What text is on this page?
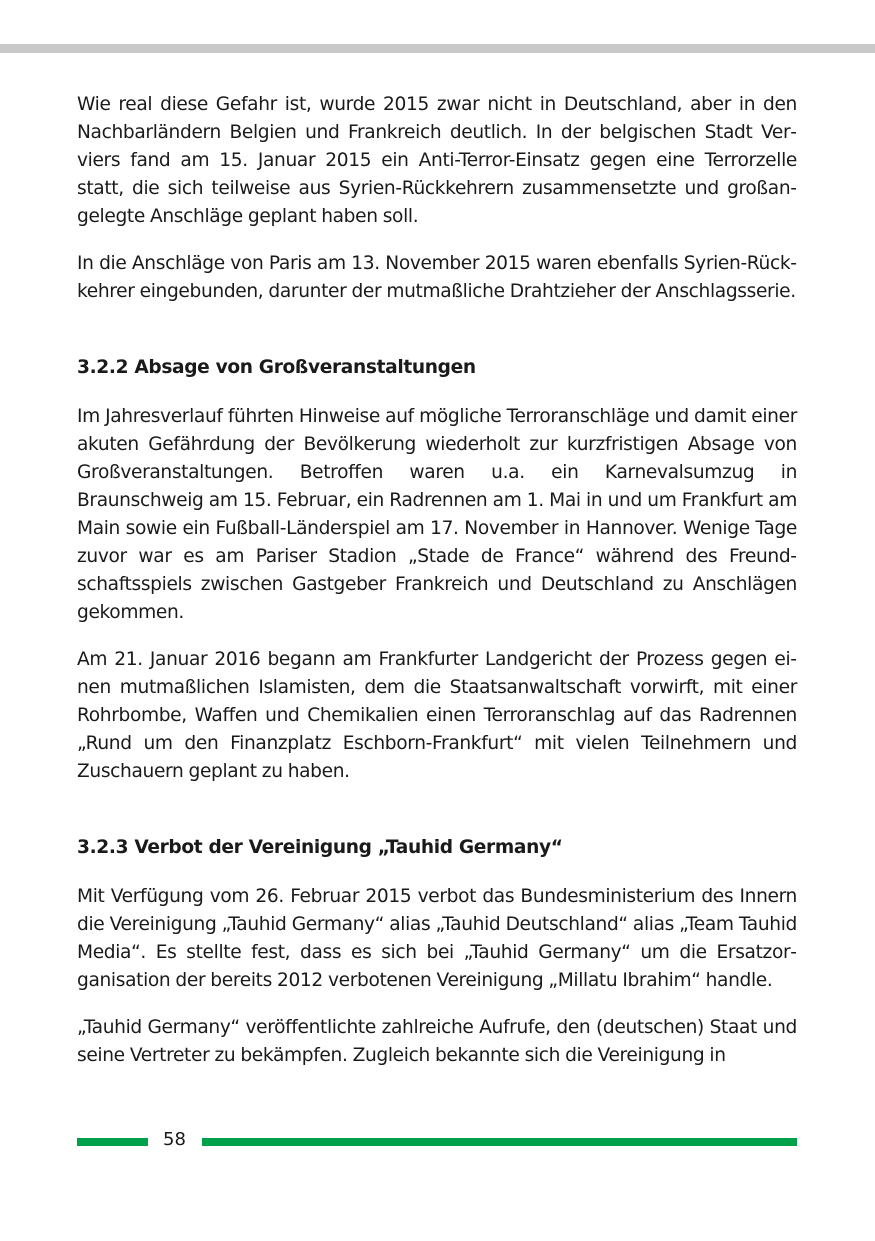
Wie real diese Gefahr ist, wurde 2015 zwar nicht in Deutschland, aber in den Nachbarländern Belgien und Frankreich deutlich. In der belgischen Stadt Verviers fand am 15. Januar 2015 ein Anti-Terror-Einsatz gegen eine Terrorzelle statt, die sich teilweise aus Syrien-Rückkehrern zusammensetzte und großangelegte Anschläge geplant haben soll.

In die Anschläge von Paris am 13. November 2015 waren ebenfalls Syrien-Rückkehrer eingebunden, darunter der mutmaßliche Drahtzieher der Anschlagsserie.

3.2.2 Absage von Großveranstaltungen

Im Jahresverlauf führten Hinweise auf mögliche Terroranschläge und damit einer akuten Gefährdung der Bevölkerung wiederholt zur kurzfristigen Absage von Großveranstaltungen. Betroffen waren u.a. ein Karnevalsumzug in Braunschweig am 15. Februar, ein Radrennen am 1. Mai in und um Frankfurt am Main sowie ein Fußball-Länderspiel am 17. November in Hannover. Wenige Tage zuvor war es am Pariser Stadion „Stade de France“ während des Freundschaftsspiels zwischen Gastgeber Frankreich und Deutschland zu Anschlägen gekommen.

Am 21. Januar 2016 begann am Frankfurter Landgericht der Prozess gegen einen mutmaßlichen Islamisten, dem die Staatsanwaltschaft vorwirft, mit einer Rohrbombe, Waffen und Chemikalien einen Terroranschlag auf das Radrennen „Rund um den Finanzplatz Eschborn-Frankfurt“ mit vielen Teilnehmern und Zuschauern geplant zu haben.

3.2.3 Verbot der Vereinigung „Tauhid Germany“

Mit Verfügung vom 26. Februar 2015 verbot das Bundesministerium des Innern die Vereinigung „Tauhid Germany“ alias „Tauhid Deutschland“ alias „Team Tauhid Media“. Es stellte fest, dass es sich bei „Tauhid Germany“ um die Ersatzorganisation der bereits 2012 verbotenen Vereinigung „Millatu Ibrahim“ handle.

„Tauhid Germany“ veröffentlichte zahlreiche Aufrufe, den (deutschen) Staat und seine Vertreter zu bekämpfen. Zugleich bekannte sich die Vereinigung in

58
